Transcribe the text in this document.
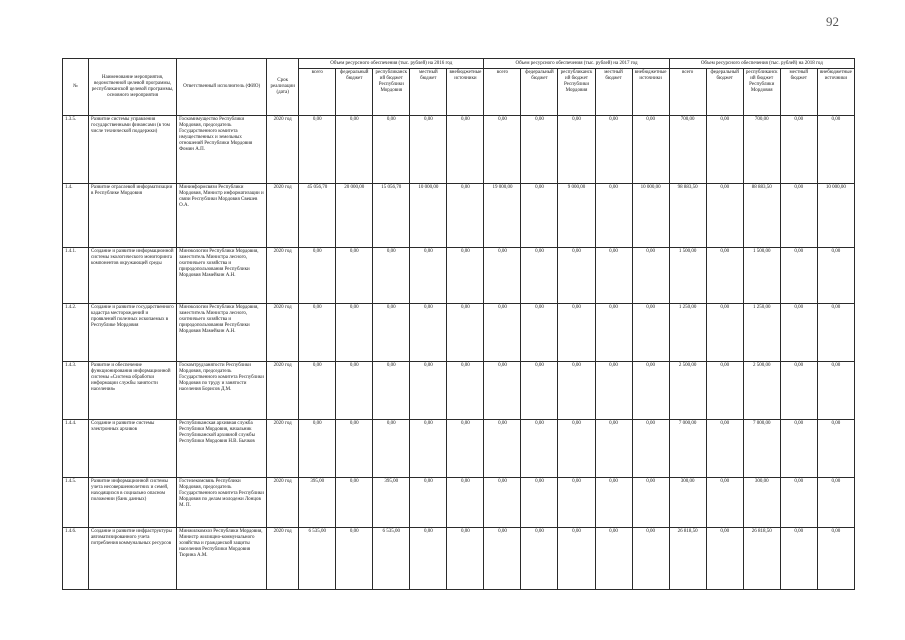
92
№	Наименование мероприятия, ведомственной целевой программы, республиканской целевой программы, основного мероприятия	Ответственный исполнитель (ФИО)	Срок реализации (дата)	Объем ресурсного обеспечения (тыс. рублей) на 2016 год					Объем ресурсного обеспечения (тыс. рублей) на 2017 год					Объем ресурсного обеспечения (тыс. рублей) на 2018 год				
				всего	федеральный бюджет	республиканский бюджет Республики Мордовия	местный бюджет	внебюджетные источники	всего	федеральный бюджет	республиканский бюджет Республики Мордовия	местный бюджет	внебюджетные источники	всего	федеральный бюджет	республиканский бюджет Республики Мордовия	местный бюджет	внебюджетные источники
1.3.5.	Развитие системы управления государственными финансами (в том числе технической поддержки)	Госкомимущество Республики Мордовия, председатель Государственного комитета имущественных и земельных отношений Республики Мордовия Фомин А.П.	2020 год	0,00	0,00	0,00	0,00	0,00	0,00	0,00	0,00	0,00	0,00	700,00	0,00	700,00	0,00	0,00
1.4.	Развитие отраслевой информатизации в Республике Мордовия	Мининформсвязи Республики Мордовия, Министр информатизации и связи Республики Мордовия Свешев О.А.	2020 год	45 056,70	20 000,00	15 056,70	10 000,00	0,00	19 000,00	0,00	9 000,00	0,00	10 000,00	98 883,50	0,00	88 883,50	0,00	10 000,00
1.4.1.	Создание и развитие информационной системы экологического мониторинга компонентов окружающей среды	Минэкологии Республики Мордовия, заместитель Министра лесного, охотничьего хозяйства и природопользования Республики Мордовия Мамейкин А.Н.	2020 год	0,00	0,00	0,00	0,00	0,00	0,00	0,00	0,00	0,00	0,00	1 500,00	0,00	1 500,00	0,00	0,00
1.4.2.	Создание и развитие государственного кадастра месторождений и проявлений полезных ископаемых в Республике Мордовия	Минэкологии Республики Мордовия, заместитель Министра лесного, охотничьего хозяйства и природопользования Республики Мордовия Мамейкин А.Н.	2020 год	0,00	0,00	0,00	0,00	0,00	0,00	0,00	0,00	0,00	0,00	1 250,00	0,00	1 250,00	0,00	0,00
1.4.3.	Развитие и обеспечение функционирования информационной системы «Система обработки информации службы занятости населения»	Госкомтрудзанятости Республики Мордовия, председатель Государственного комитета Республики Мордовия по труду и занятости населения Борисов Д.М.	2020 год	0,00	0,00	0,00	0,00	0,00	0,00	0,00	0,00	0,00	0,00	2 500,00	0,00	2 500,00	0,00	0,00
1.4.4.	Создание и развитие системы электронных архивов	Республиканская архивная служба Республики Мордовия, начальник Республиканской архивной службы Республики Мордовия Н.В. Бычков	2020 год	0,00	0,00	0,00	0,00	0,00	0,00	0,00	0,00	0,00	0,00	7 000,00	0,00	7 000,00	0,00	0,00
1.4.5.	Развитие информационной системы учета несовершеннолетних и семей, находящихся в социально опасном положении (банк данных)	Гостелекомсвязь Республики Мордовия, председатель Государственного комитета Республики Мордовия по делам молодежи Лонцов М. П.	2020 год	395,00	0,00	395,00	0,00	0,00	0,00	0,00	0,00	0,00	0,00	300,00	0,00	300,00	0,00	0,00
1.4.6.	Создание и развитие инфраструктуры автоматизированного учета потребления коммунальных ресурсов	Минжилкомхоз Республики Мордовия, Министр жилищно-коммунального хозяйства и гражданской защиты населения Республики Мордовия Тюрина А.М.	2020 год	6 535,00	0,00	6 535,00	0,00	0,00	0,00	0,00	0,00	0,00	0,00	26 818,50	0,00	26 818,50	0,00	0,00
